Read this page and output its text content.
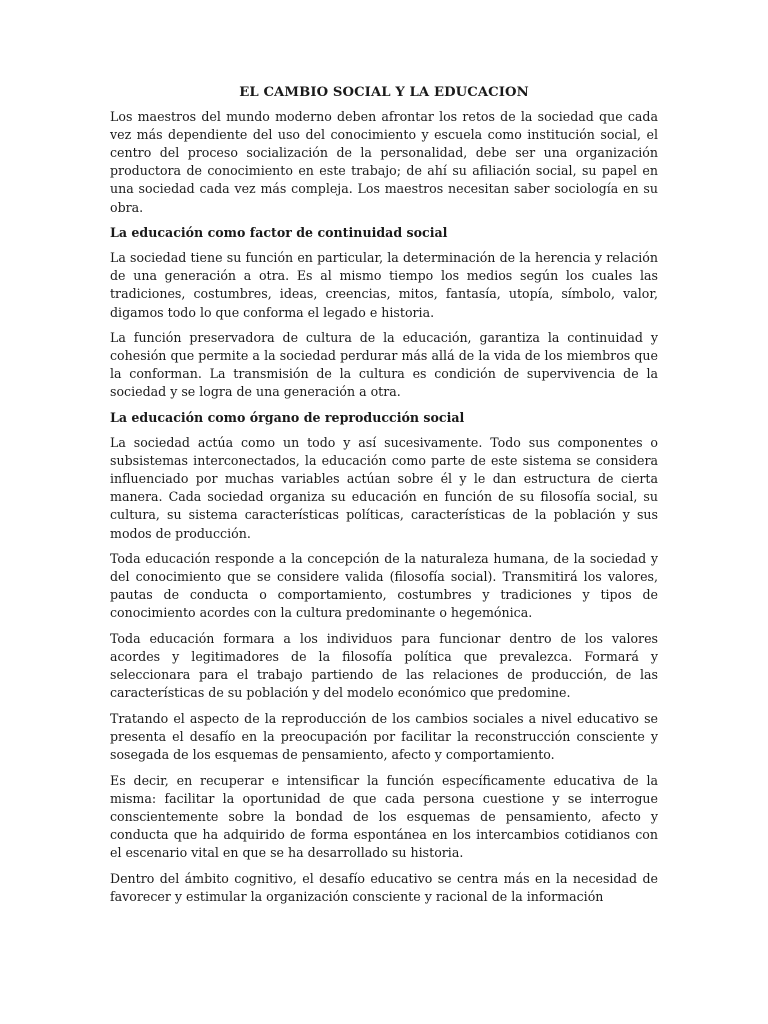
EL CAMBIO SOCIAL Y LA EDUCACION

Los maestros del mundo moderno deben afrontar los retos de la sociedad que cada vez más dependiente del uso del conocimiento y escuela como institución social, el centro del proceso socialización de la personalidad, debe ser una organización productora de conocimiento en este trabajo; de ahí su afiliación social, su papel en una sociedad cada vez más compleja. Los maestros necesitan saber sociología en su obra.

La educación como factor de continuidad social

La sociedad tiene su función en particular, la determinación de la herencia y relación de una generación a otra. Es al mismo tiempo los medios según los cuales las tradiciones, costumbres, ideas, creencias, mitos, fantasía, utopía, símbolo, valor, digamos todo lo que conforma el legado e historia.

La función preservadora de cultura de la educación, garantiza la continuidad y cohesión que permite a la sociedad perdurar más allá de la vida de los miembros que la conforman. La transmisión de la cultura es condición de supervivencia de la sociedad y se logra de una generación a otra.

La educación como órgano de reproducción social

La sociedad actúa como un todo y así sucesivamente. Todo sus componentes o subsistemas interconectados, la educación como parte de este sistema se considera influenciado por muchas variables actúan sobre él y le dan estructura de cierta manera. Cada sociedad organiza su educación en función de su filosofía social, su cultura, su sistema características políticas, características de la población y sus modos de producción.

Toda educación responde a la concepción de la naturaleza humana, de la sociedad y del conocimiento que se considere valida (filosofía social). Transmitirá los valores, pautas de conducta o comportamiento, costumbres y tradiciones y tipos de conocimiento acordes con la cultura predominante o hegemónica.

Toda educación formara a los individuos para funcionar dentro de los valores acordes y legitimadores de la filosofía política que prevalezca. Formará y seleccionara para el trabajo partiendo de las relaciones de producción, de las características de su población y del modelo económico que predomine.

Tratando el aspecto de la reproducción de los cambios sociales a nivel educativo se presenta el desafío en la preocupación por facilitar la reconstrucción consciente y sosegada de los esquemas de pensamiento, afecto y comportamiento.

Es decir, en recuperar e intensificar la función específicamente educativa de la misma: facilitar la oportunidad de que cada persona cuestione y se interrogue conscientemente sobre la bondad de los esquemas de pensamiento, afecto y conducta que ha adquirido de forma espontánea en los intercambios cotidianos con el escenario vital en que se ha desarrollado su historia.

Dentro del ámbito cognitivo, el desafío educativo se centra más en la necesidad de favorecer y estimular la organización consciente y racional de la información
